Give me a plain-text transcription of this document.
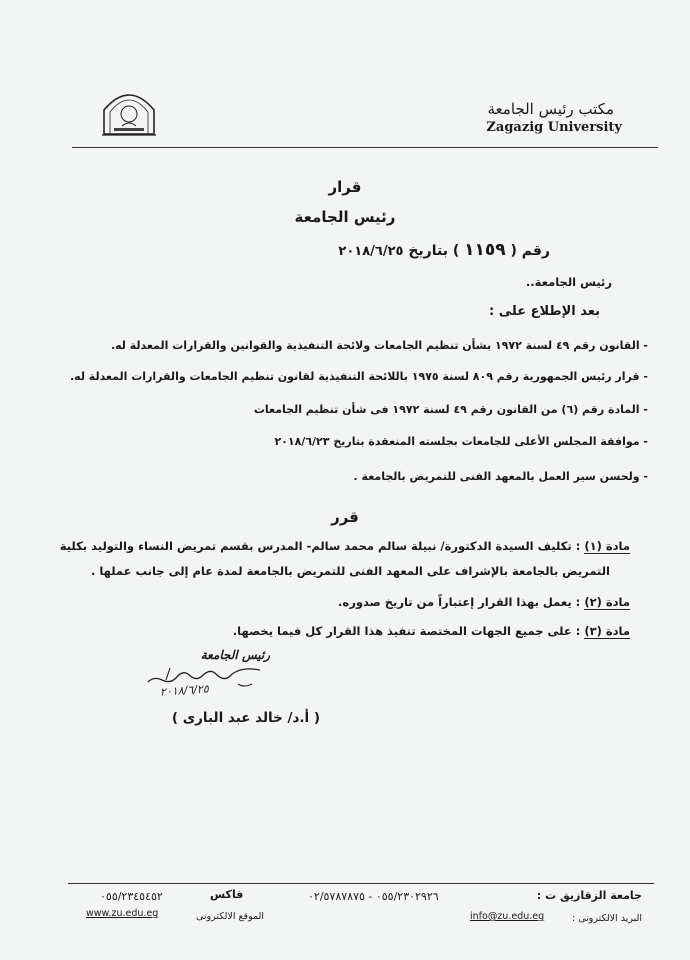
مكتب رئيس الجامعة
Zagazig University
قرار
رئيس الجامعة
رقم ( ١١٥٩ ) بتاريخ ٢٠١٨/٦/٢٥
رئيس الجامعة..
بعد الإطلاع على :
- القانون رقم ٤٩ لسنة ١٩٧٢ بشأن تنظيم الجامعات ولائحة التنفيذية والقوانين والقرارات المعدلة له.
- قرار رئيس الجمهورية رقم ٨٠٩ لسنة ١٩٧٥ باللائحة التنفيذية لقانون تنظيم الجامعات والقرارات المعدلة له.
- المادة رقم (٦) من القانون رقم ٤٩ لسنة ١٩٧٢ فى شأن تنظيم الجامعات
- موافقة المجلس الأعلى للجامعات بجلسته المنعقدة بتاريخ ٢٠١٨/٦/٢٣
- ولحسن سير العمل بالمعهد الفنى للتمريض بالجامعة .
قرر
مادة (١) : تكليف السيدة الدكتورة/ نبيلة سالم محمد سالم- المدرس بقسم تمريض النساء والتوليد بكلية
التمريض بالجامعة بالإشراف على المعهد الفنى للتمريض بالجامعة لمدة عام إلى جانب عملها .
مادة (٢) : يعمل بهذا القرار إعتباراً من تاريخ صدوره.
مادة (٣) : على جميع الجهات المختصة تنفيذ هذا القرار كل فيما يخصها.
رئيس الجامعة
٢٠١٨/٦/٢٥
( أ.د/ خالد عبد البارى )
جامعة الزقازيق ت :
٠٥٥/٢٣٠٢٩٢٦ - ٠٢/٥٧٨٧٨٧٥
فاكس
٠٥٥/٢٣٤٥٤٥٢
البريد الالكترونى :
info@zu.edu.eg
الموقع الالكترونى
www.zu.edu.eg
